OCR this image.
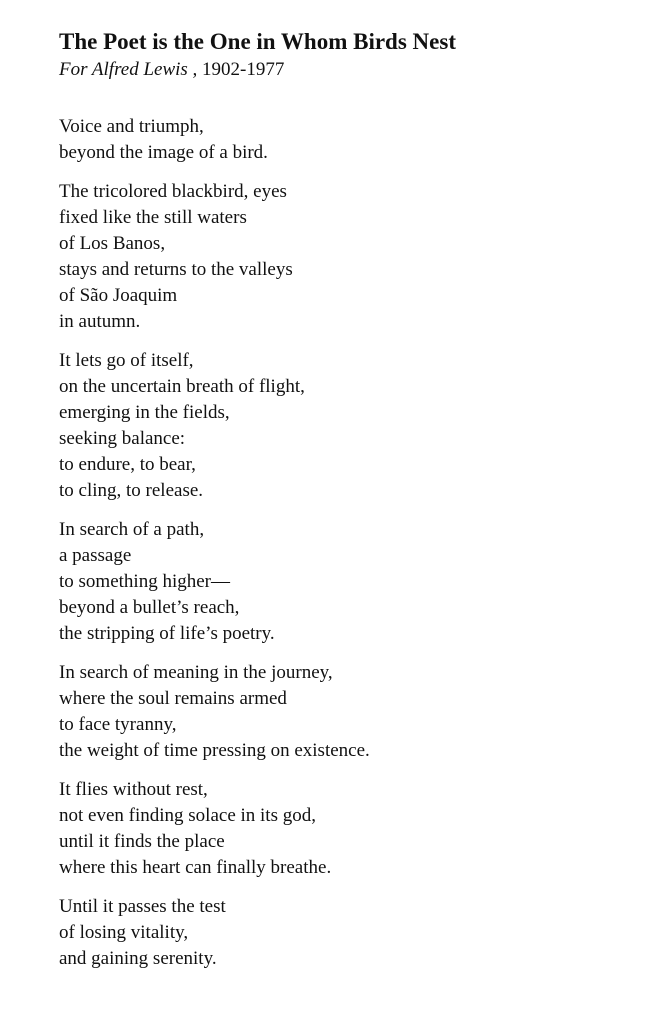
The Poet is the One in Whom Birds Nest

For Alfred Lewis , 1902-1977

Voice and triumph,
beyond the image of a bird.
The tricolored blackbird, eyes
fixed like the still waters
of Los Banos,
stays and returns to the valleys
of São Joaquim
in autumn.
It lets go of itself,
on the uncertain breath of flight,
emerging in the fields,
seeking balance:
to endure, to bear,
to cling, to release.
In search of a path,
a passage
to something higher—
beyond a bullet’s reach,
the stripping of life’s poetry.
In search of meaning in the journey,
where the soul remains armed
to face tyranny,
the weight of time pressing on existence.
It flies without rest,
not even finding solace in its god,
until it finds the place
where this heart can finally breathe.
Until it passes the test
of losing vitality,
and gaining serenity.
